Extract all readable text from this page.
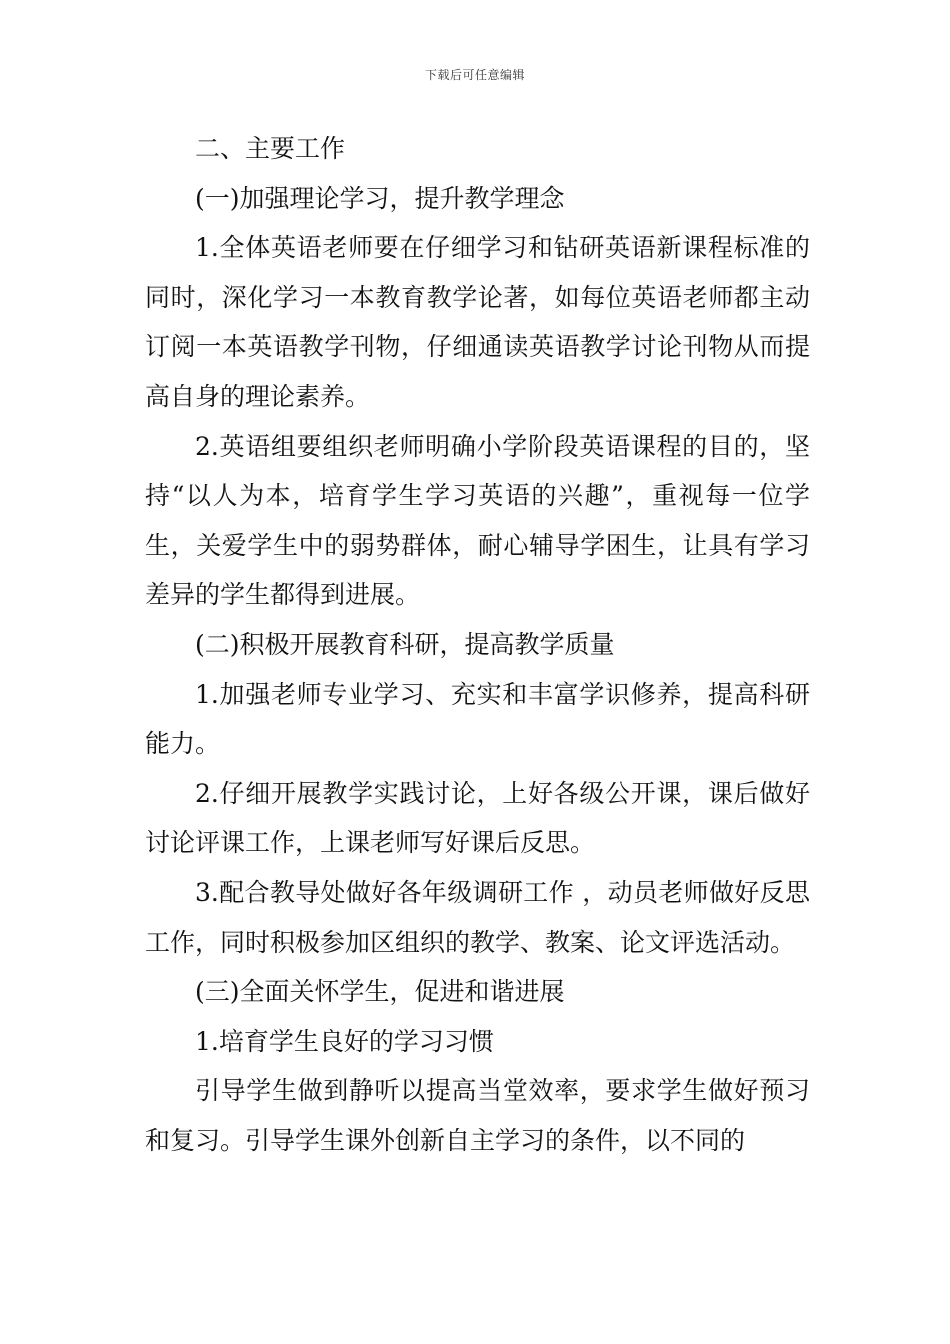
下载后可任意编辑

二、主要工作

(一)加强理论学习，提升教学理念

1.全体英语老师要在仔细学习和钻研英语新课程标准的同时，深化学习一本教育教学论著，如每位英语老师都主动订阅一本英语教学刊物，仔细通读英语教学讨论刊物从而提高自身的理论素养。

2.英语组要组织老师明确小学阶段英语课程的目的，坚持“以人为本，培育学生学习英语的兴趣”，重视每一位学生，关爱学生中的弱势群体，耐心辅导学困生，让具有学习差异的学生都得到进展。

(二)积极开展教育科研，提高教学质量

1.加强老师专业学习、充实和丰富学识修养，提高科研能力。

2.仔细开展教学实践讨论，上好各级公开课，课后做好讨论评课工作，上课老师写好课后反思。

3.配合教导处做好各年级调研工作 ，动员老师做好反思工作，同时积极参加区组织的教学、教案、论文评选活动。

(三)全面关怀学生，促进和谐进展

1.培育学生良好的学习习惯

引导学生做到静听以提高当堂效率，要求学生做好预习和复习。引导学生课外创新自主学习的条件，以不同的
